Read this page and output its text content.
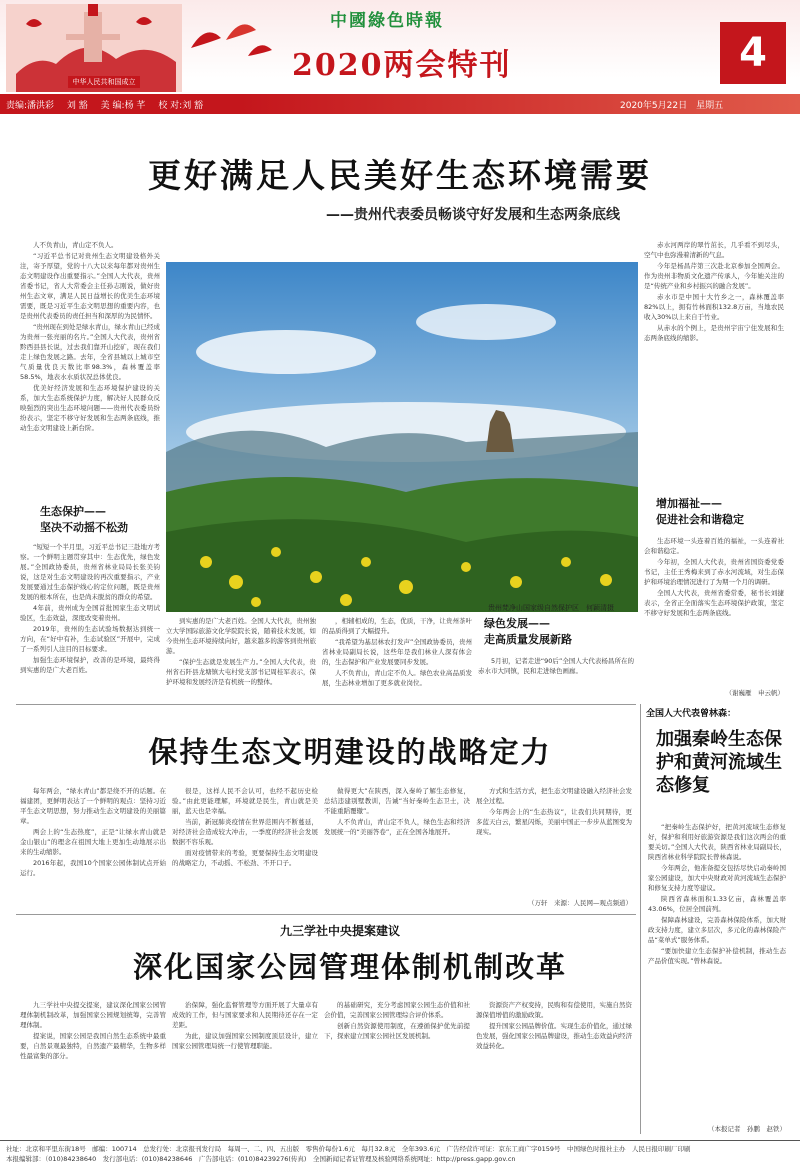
中华人民共和国成立
中國綠色時報
2020两会特刊	4
责编:潘洪彩 刘 豁 美 编:杨 芊 校 对:刘 豁	2020年5月22日　星期五
更好满足人民美好生态环境需要
——贵州代表委员畅谈守好发展和生态两条底线

人不负青山，青山定不负人。

“习近平总书记对贵州生态文明建设格外关注，寄予厚望，党的十八大以来每年都对贵州生态文明建设作出重要指示。”全国人大代表，贵州省委书记，省人大常委会主任孙志刚说，做好贵州生态文章，满足人民日益增长的优美生态环境需要，既是习近平生态文明思想的重要内容，也是贵州代表委员的责任担当和深厚的为民情怀。

“贵州现在到处是绿水青山，绿水青山已经成为贵州一张亮丽的名片。”全国人大代表，贵州省黔西县县长说，过去我们靠开山挖矿，现在我们走上绿色发展之路。去年，全省县城以上城市空气质量优良天数比率98.3%，森林覆盖率58.5%，地表水水质状况总体优良。

优美好经济发展和生态环境保护建设的关系，加大生态系统保护力度，解决好人民群众反映强烈的突出生态环境问题——贵州代表委员纷纷表示，坚定不移守好发展和生态两条底线，推动生态文明建设上新台阶。

生态保护——
坚决不动摇不松劲

“短短一个半月里，习近平总书记三赴地方考察。一个鲜明主题贯穿其中：生态优先，绿色发展。”全国政协委员，贵州省林业局局长张美钧说，这是对生态文明建设的再次重要指示，产业发展要通过生态保护线心的定位问题，既是贵州发展的根本所在，也是尚未脱贫的群众的希望。

4年前，贵州成为全国首批国家生态文明试验区，生态效益，深度改变着贵州。

2019年，贵州的生态试验场数据达到统一方向，在“好中有补，生态试验区”开展中，完成了一系列引人注目的目标要求。

加强生态环境保护，改善的是环境，最终得到实惠的是广大老百姓。

贵州梵净山国家级自然保护区　何颖清摄

到实惠的是广大老百姓。全国人大代表，贵州独立大学国际旅游文化学院院长说，随着技术发展，如今贵州生态环境持续向好，越来越多的游客到贵州旅游。

“保护生态就是发展生产力。”全国人大代表，贵州省石阡县龙塘镇大屯村党支部书记周桂军表示，保护环境和发展经济是有机统一的整体。

，相辅相成的，生态，优质，干净，让贵州茶叶的品质得到了大幅提升。

“我希望为基层林农打发声”全国政协委员，贵州省林业局副局长说，这些年是我们林业人深有体会的，生态保护和产业发展要同步发展。

人不负青山，青山定不负人。绿色农业高品质发展，生态林业增加了更多就业岗位。

绿色发展——
走高质量发展新路

5月初，记者走进“90后”全国人大代表杨昌所在的赤水市大同镇，民和走进绿色画廊。

赤水河两岸的翠竹茁长，几乎看不到尽头，空气中也弥漫着清新的气息。

今年是杨昌芹第三次赴北京参加全国两会。作为贵州非物质文化遗产传承人，今年她关注的是“传统产业和乡村振兴的融合发展”。

赤水市是中国十大竹乡之一，森林覆盖率82%以上，拥有竹林面积132.8万亩，当地农民收入30%以上来自于竹业。

从赤水的个例上，是贵州宇宙宁住发展和生态两条底线的缩影。

增加福祉——
促进社会和谐稳定

生态环境一头连着百姓的福祉，一头连着社会和谐稳定。

今年初，全国人大代表，贵州省国资委党委书记，主任王秀梅来到了赤水河流域，对生态保护和环境治理情况进行了为期一个月的调研。

全国人大代表，贵州省委常委，秘书长刘捷表示，全省正全面落实生态环境保护政策，坚定不移守好发展和生态两条底线。

（谢巍雁　申云帆）
保持生态文明建设的战略定力

每年两会，“绿水青山”都是绕不开的话题。在福建团，更鲜明表达了一个鲜明的观点：坚持习近平生态文明思想，努力推动生态文明建设的美丽篇章。

两会上的“生态热度”，正是“让绿水青山就是金山银山”的理念在祖国大地上更加生动地展示出来的生动缩影。

2016年起，我国10个国家公园体制试点开始运行。

很是，这样人民不会认可，也经不起历史检验。”由此更能理解，环境就是民生，青山就是美丽，蓝天也是幸福。

当前，新冠肺炎疫情在世界范围内不断蔓延，对经济社会造成较大冲击，一季度的经济社会发展数据不容乐观。

面对疫情带来的考验，更要保持生态文明建设的战略定力，不动摇、不松劲、不开口子。

做得更大”在陕西，深入秦岭了解生态修复，总结违建别墅教训，告诫“当好秦岭生态卫士，决不能重蹈覆辙”。

人不负青山，青山定不负人，绿色生态和经济发展统一的“美丽答卷”，正在全国各地展开。

方式和生活方式，把生态文明建设融入经济社会发展全过程。

今年两会上的“生态热议”，让我们共同期待，更多蓝天白云，繁星闪烁，美丽中国正一步步从蓝图变为现实。

（万轩　来源：人民网—观点频道）
全国人大代表曾林森：
加强秦岭生态保护和黄河流域生态修复

“把秦岭生态保护好，把黄河流域生态修复好，保护和利用好旅游资源是我们这次两会的重要关切。”全国人大代表，陕西省林业局副局长，陕西省林业科学院院长曾林森说。

今年两会，他准备提交包括尽快启动秦岭国家公园建设，加大中央财政对黄河流域生态保护和修复支持力度等建议。

陕西省森林面积1.33亿亩，森林覆盖率43.06%，位居全国前列。

保障森林建设，完善森林保险体系，加大财政支持力度，建立多层次，多元化的森林保险产品“菜单式”服务体系。

“要加快建立生态保护补偿机制，推动生态产品价值实现。”曾林森说。

（本报记者　孙鹏　赵铁）
九三学社中央提案建议
深化国家公园管理体制机制改革

九三学社中央提交提案，建议深化国家公园管理体制机制改革，加强国家公园规划统筹，完善管理体制。

提案说，国家公园是我国自然生态系统中最重要，自然景观最独特，自然遗产最精华，生物多样性最富集的部分。

治保障，强化监督管理等方面开展了大量卓有成效的工作，但与国家要求和人民期待还存在一定差距。

为此，建议加强国家公园制度顶层设计，建立国家公园管理局统一行使管理职能。

的基础研究，充分考虑国家公园生态价值和社会价值，完善国家公园管理综合评价体系。

创新自然资源使用制度，在遵循保护优先前提下，探索建立国家公园社区发展机制。

资源资产产权变持，民购和有偿使用，实施自然资源保值增值的激励政策。

提升国家公园品牌价值。实现生态价值化，通过绿色发展，强化国家公园品牌建设，推动生态效益向经济效益转化。

社址：北京和平里东街18号　邮编：100714　总发行处：北京报刊发行局　每周一、二、四、五出版　零售价每份1.6元　每月32.8元　全年393.6元　广告经营许可证：京东工商广字0159号　中国绿色时报社主办　人民日报印刷厂印刷
本报编辑部：（010)84238640　发行部电话：(010)84238646　广告部电话：(010)84239276(传真)　全国新闻记者证管理及核验网络系统网址：http://press.gapp.gov.cn
